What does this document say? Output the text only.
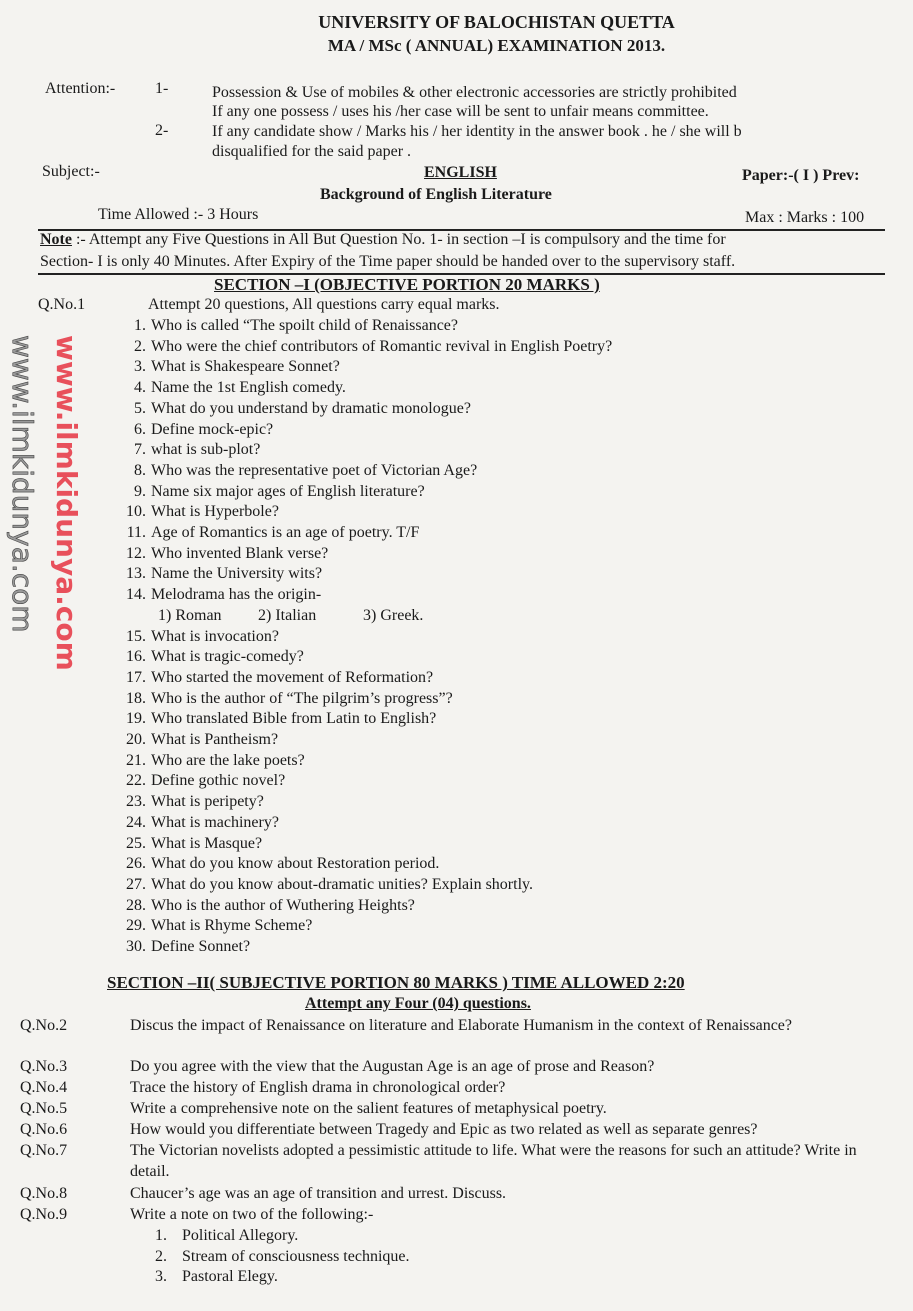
www.ilmkidunya.com
UNIVERSITY OF BALOCHISTAN QUETTA
MA / MSc ( ANNUAL) EXAMINATION 2013.
Attention:- 1-	Possession & Use of mobiles & other electronic accessories are strictly prohibited
If any one possess / uses his /her case will be sent to unfair means committee.
2-	If any candidate show / Marks his / her identity in the answer book . he / she will b
disqualified for the said paper .
Subject:-	ENGLISH	Paper:-( I ) Prev:
Background of English Literature
Time Allowed :- 3 Hours	Max : Marks : 100
Note :- Attempt any Five Questions in All But Question No. 1- in section –I is compulsory and the time for
Section- I is only 40 Minutes. After Expiry of the Time paper should be handed over to the supervisory staff.
SECTION –I (OBJECTIVE PORTION 20 MARKS )
Q.No.1	Attempt 20 questions, All questions carry equal marks.
1. Who is called “The spoilt child of Renaissance?
2. Who were the chief contributors of Romantic revival in English Poetry?
3. What is Shakespeare Sonnet?
4. Name the 1st English comedy.
5. What do you understand by dramatic monologue?
6. Define mock-epic?
7. what is sub-plot?
8. Who was the representative poet of Victorian Age?
9. Name six major ages of English literature?
10. What is Hyperbole?
11. Age of Romantics is an age of poetry. T/F
12. Who invented Blank verse?
13. Name the University wits?
14. Melodrama has the origin-
1) Roman 2) Italian	3) Greek.
15. What is invocation?
16. What is tragic-comedy?
17. Who started the movement of Reformation?
18. Who is the author of “The pilgrim’s progress”?
19. Who translated Bible from Latin to English?
20. What is Pantheism?
21. Who are the lake poets?
22. Define gothic novel?
23. What is peripety?
24. What is machinery?
25. What is Masque?
26. What do you know about Restoration period.
27. What do you know about-dramatic unities? Explain shortly.
28. Who is the author of Wuthering Heights?
29. What is Rhyme Scheme?
30. Define Sonnet?
SECTION –II( SUBJECTIVE PORTION 80 MARKS ) TIME ALLOWED 2:20
Attempt any Four (04) questions.
Q.No.2	Discus the impact of Renaissance on literature and Elaborate Humanism in the context of Renaissance?
Q.No.3	Do you agree with the view that the Augustan Age is an age of prose and Reason?
Q.No.4	Trace the history of English drama in chronological order?
Q.No.5	Write a comprehensive note on the salient features of metaphysical poetry.
Q.No.6	How would you differentiate between Tragedy and Epic as two related as well as separate genres?
Q.No.7	The Victorian novelists adopted a pessimistic attitude to life. What were the reasons for such an attitude? Write in detail.
Q.No.8	Chaucer’s age was an age of transition and urrest. Discuss.
Q.No.9	Write a note on two of the following:-
1. Political Allegory.
2. Stream of consciousness technique.
3. Pastoral Elegy.
www.ilmkidunya.com
